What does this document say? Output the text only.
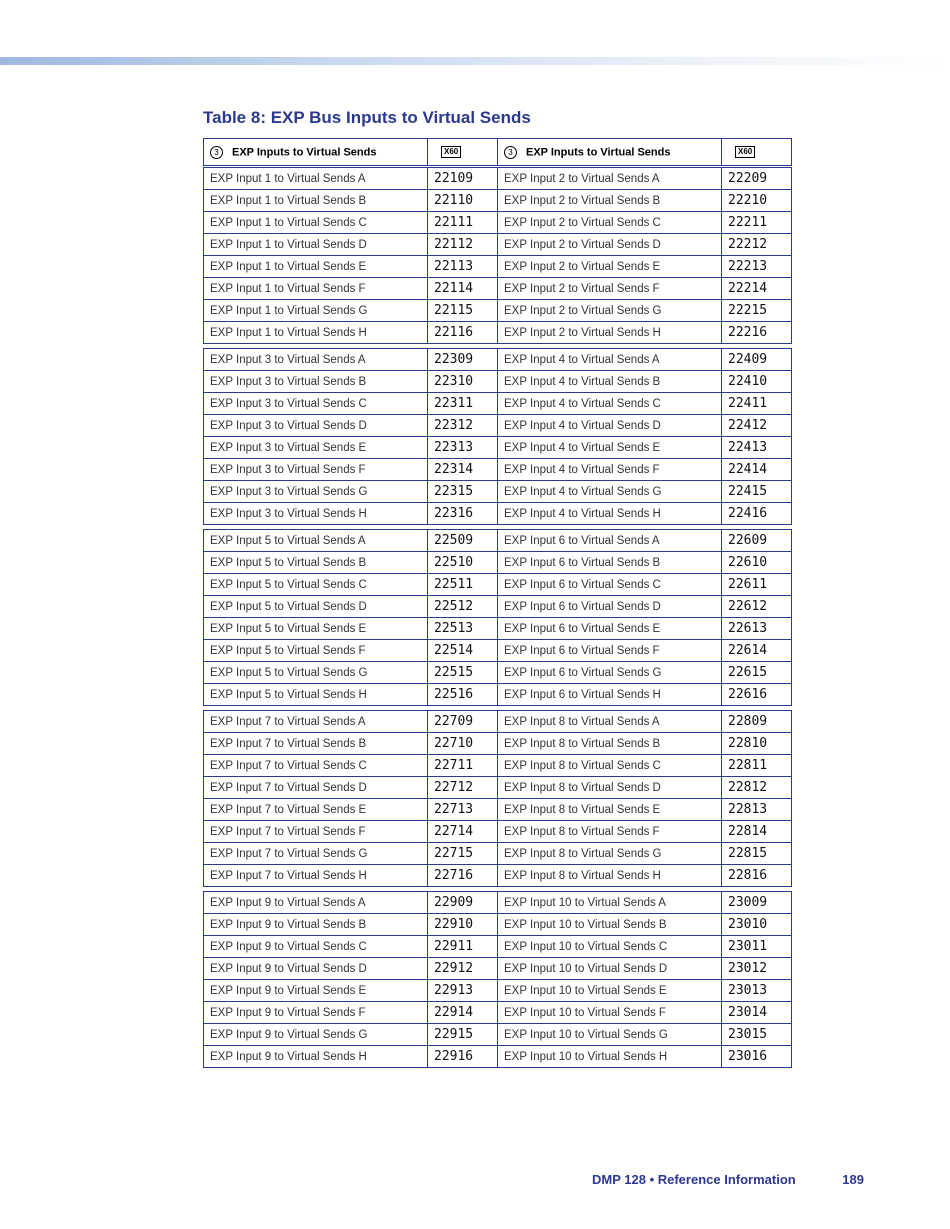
Table 8: EXP Bus Inputs to Virtual Sends
3 EXP Inputs to Virtual Sends	X60	3 EXP Inputs to Virtual Sends	X60
EXP Input 1 to Virtual Sends A	22109	EXP Input 2 to Virtual Sends A	22209
EXP Input 1 to Virtual Sends B	22110	EXP Input 2 to Virtual Sends B	22210
EXP Input 1 to Virtual Sends C	22111	EXP Input 2 to Virtual Sends C	22211
EXP Input 1 to Virtual Sends D	22112	EXP Input 2 to Virtual Sends D	22212
EXP Input 1 to Virtual Sends E	22113	EXP Input 2 to Virtual Sends E	22213
EXP Input 1 to Virtual Sends F	22114	EXP Input 2 to Virtual Sends F	22214
EXP Input 1 to Virtual Sends G	22115	EXP Input 2 to Virtual Sends G	22215
EXP Input 1 to Virtual Sends H	22116	EXP Input 2 to Virtual Sends H	22216

EXP Input 3 to Virtual Sends A	22309	EXP Input 4 to Virtual Sends A	22409
EXP Input 3 to Virtual Sends B	22310	EXP Input 4 to Virtual Sends B	22410
EXP Input 3 to Virtual Sends C	22311	EXP Input 4 to Virtual Sends C	22411
EXP Input 3 to Virtual Sends D	22312	EXP Input 4 to Virtual Sends D	22412
EXP Input 3 to Virtual Sends E	22313	EXP Input 4 to Virtual Sends E	22413
EXP Input 3 to Virtual Sends F	22314	EXP Input 4 to Virtual Sends F	22414
EXP Input 3 to Virtual Sends G	22315	EXP Input 4 to Virtual Sends G	22415
EXP Input 3 to Virtual Sends H	22316	EXP Input 4 to Virtual Sends H	22416

EXP Input 5 to Virtual Sends A	22509	EXP Input 6 to Virtual Sends A	22609
EXP Input 5 to Virtual Sends B	22510	EXP Input 6 to Virtual Sends B	22610
EXP Input 5 to Virtual Sends C	22511	EXP Input 6 to Virtual Sends C	22611
EXP Input 5 to Virtual Sends D	22512	EXP Input 6 to Virtual Sends D	22612
EXP Input 5 to Virtual Sends E	22513	EXP Input 6 to Virtual Sends E	22613
EXP Input 5 to Virtual Sends F	22514	EXP Input 6 to Virtual Sends F	22614
EXP Input 5 to Virtual Sends G	22515	EXP Input 6 to Virtual Sends G	22615
EXP Input 5 to Virtual Sends H	22516	EXP Input 6 to Virtual Sends H	22616

EXP Input 7 to Virtual Sends A	22709	EXP Input 8 to Virtual Sends A	22809
EXP Input 7 to Virtual Sends B	22710	EXP Input 8 to Virtual Sends B	22810
EXP Input 7 to Virtual Sends C	22711	EXP Input 8 to Virtual Sends C	22811
EXP Input 7 to Virtual Sends D	22712	EXP Input 8 to Virtual Sends D	22812
EXP Input 7 to Virtual Sends E	22713	EXP Input 8 to Virtual Sends E	22813
EXP Input 7 to Virtual Sends F	22714	EXP Input 8 to Virtual Sends F	22814
EXP Input 7 to Virtual Sends G	22715	EXP Input 8 to Virtual Sends G	22815
EXP Input 7 to Virtual Sends H	22716	EXP Input 8 to Virtual Sends H	22816

EXP Input 9 to Virtual Sends A	22909	EXP Input 10 to Virtual Sends A	23009
EXP Input 9 to Virtual Sends B	22910	EXP Input 10 to Virtual Sends B	23010
EXP Input 9 to Virtual Sends C	22911	EXP Input 10 to Virtual Sends C	23011
EXP Input 9 to Virtual Sends D	22912	EXP Input 10 to Virtual Sends D	23012
EXP Input 9 to Virtual Sends E	22913	EXP Input 10 to Virtual Sends E	23013
EXP Input 9 to Virtual Sends F	22914	EXP Input 10 to Virtual Sends F	23014
EXP Input 9 to Virtual Sends G	22915	EXP Input 10 to Virtual Sends G	23015
EXP Input 9 to Virtual Sends H	22916	EXP Input 10 to Virtual Sends H	23016
DMP 128 • Reference Information	189
